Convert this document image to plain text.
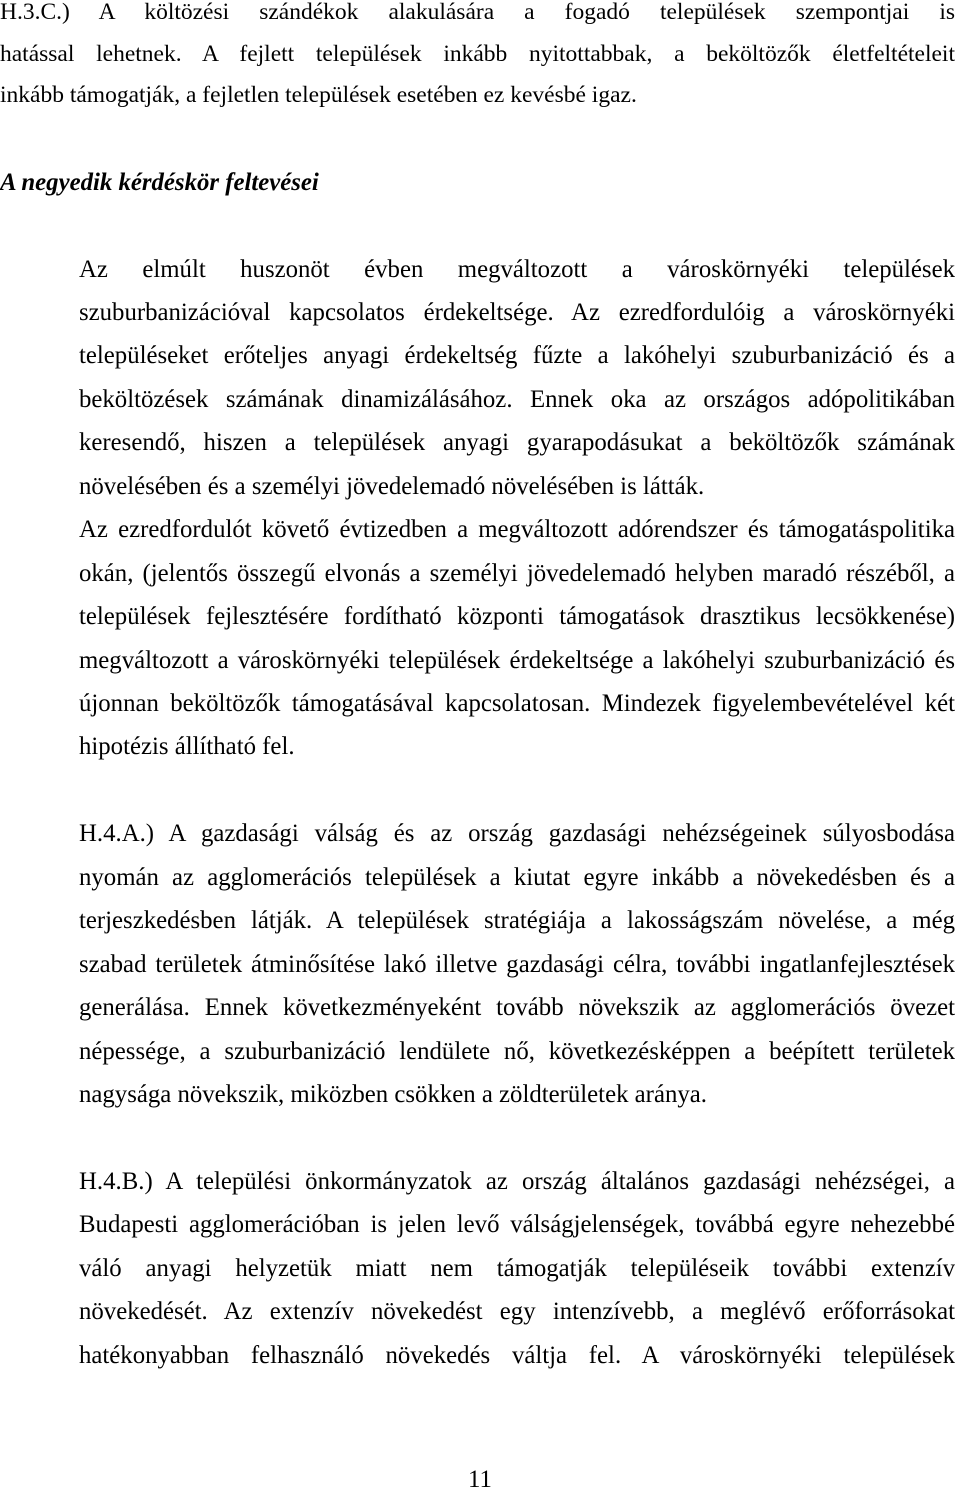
H.3.C.) A költözési szándékok alakulására a fogadó települések szempontjai is
hatással lehetnek. A fejlett települések inkább nyitottabbak, a beköltözők életfeltételeit
inkább támogatják, a fejletlen települések esetében ez kevésbé igaz.
A negyedik kérdéskör feltevései
Az elmúlt huszonöt évben megváltozott a városkörnyéki települések
szuburbanizációval kapcsolatos érdekeltsége. Az ezredfordulóig a városkörnyéki
településeket erőteljes anyagi érdekeltség fűzte a lakóhelyi szuburbanizáció és a
beköltözések számának dinamizálásához. Ennek oka az országos adópolitikában
keresendő, hiszen a települések anyagi gyarapodásukat a beköltözők számának
növelésében és a személyi jövedelemadó növelésében is látták.
Az ezredfordulót követő évtizedben a megváltozott adórendszer és támogatáspolitika
okán, (jelentős összegű elvonás a személyi jövedelemadó helyben maradó részéből, a
települések fejlesztésére fordítható központi támogatások drasztikus lecsökkenése)
megváltozott a városkörnyéki települések érdekeltsége a lakóhelyi szuburbanizáció és
újonnan beköltözők támogatásával kapcsolatosan. Mindezek figyelembevételével két
hipotézis állítható fel.
H.4.A.) A gazdasági válság és az ország gazdasági nehézségeinek súlyosbodása
nyomán az agglomerációs települések a kiutat egyre inkább a növekedésben és a
terjeszkedésben látják. A települések stratégiája a lakosságszám növelése, a még
szabad területek átminősítése lakó illetve gazdasági célra, további ingatlanfejlesztések
generálása. Ennek következményeként tovább növekszik az agglomerációs övezet
népessége, a szuburbanizáció lendülete nő, következésképpen a beépített területek
nagysága növekszik, miközben csökken a zöldterületek aránya.
H.4.B.) A települési önkormányzatok az ország általános gazdasági nehézségei, a
Budapesti agglomerációban is jelen levő válságjelenségek, továbbá egyre nehezebbé
váló anyagi helyzetük miatt nem támogatják településeik további extenzív
növekedését. Az extenzív növekedést egy intenzívebb, a meglévő erőforrásokat
hatékonyabban felhasználó növekedés váltja fel. A városkörnyéki települések
11
